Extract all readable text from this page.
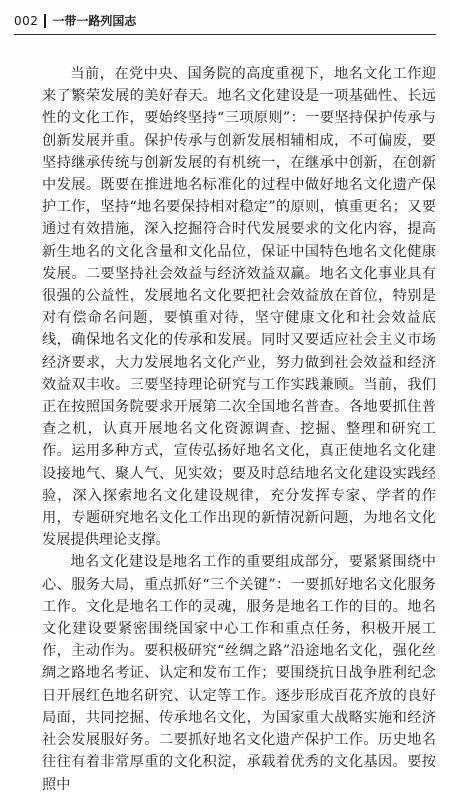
002 一带一路列国志

当前，在党中央、国务院的高度重视下，地名文化工作迎来了繁荣发展的美好春天。地名文化建设是一项基础性、长远性的文化工作，要始终坚持“三项原则”：一要坚持保护传承与创新发展并重。保护传承与创新发展相辅相成，不可偏废，要坚持继承传统与创新发展的有机统一，在继承中创新，在创新中发展。既要在推进地名标准化的过程中做好地名文化遗产保护工作，坚持“地名要保持相对稳定”的原则，慎重更名；又要通过有效措施，深入挖掘符合时代发展要求的文化内容，提高新生地名的文化含量和文化品位，保证中国特色地名文化健康发展。二要坚持社会效益与经济效益双赢。地名文化事业具有很强的公益性，发展地名文化要把社会效益放在首位，特别是对有偿命名问题，要慎重对待，坚守健康文化和社会效益底线，确保地名文化的传承和发展。同时又要适应社会主义市场经济要求，大力发展地名文化产业，努力做到社会效益和经济效益双丰收。三要坚持理论研究与工作实践兼顾。当前，我们正在按照国务院要求开展第二次全国地名普查。各地要抓住普查之机，认真开展地名文化资源调查、挖掘、整理和研究工作。运用多种方式，宣传弘扬好地名文化，真正使地名文化建设接地气、聚人气、见实效；要及时总结地名文化建设实践经验，深入探索地名文化建设规律，充分发挥专家、学者的作用，专题研究地名文化工作出现的新情况新问题，为地名文化发展提供理论支撑。

地名文化建设是地名工作的重要组成部分，要紧紧围绕中心、服务大局，重点抓好“三个关键”：一要抓好地名文化服务工作。文化是地名工作的灵魂，服务是地名工作的目的。地名文化建设要紧密围绕国家中心工作和重点任务，积极开展工作，主动作为。要积极研究“丝绸之路”沿途地名文化，强化丝绸之路地名考证、认定和发布工作；要围绕抗日战争胜利纪念日开展红色地名研究、认定等工作。逐步形成百花齐放的良好局面，共同挖掘、传承地名文化，为国家重大战略实施和经济社会发展服好务。二要抓好地名文化遗产保护工作。历史地名往往有着非常厚重的文化积淀，承载着优秀的文化基因。要按照中
